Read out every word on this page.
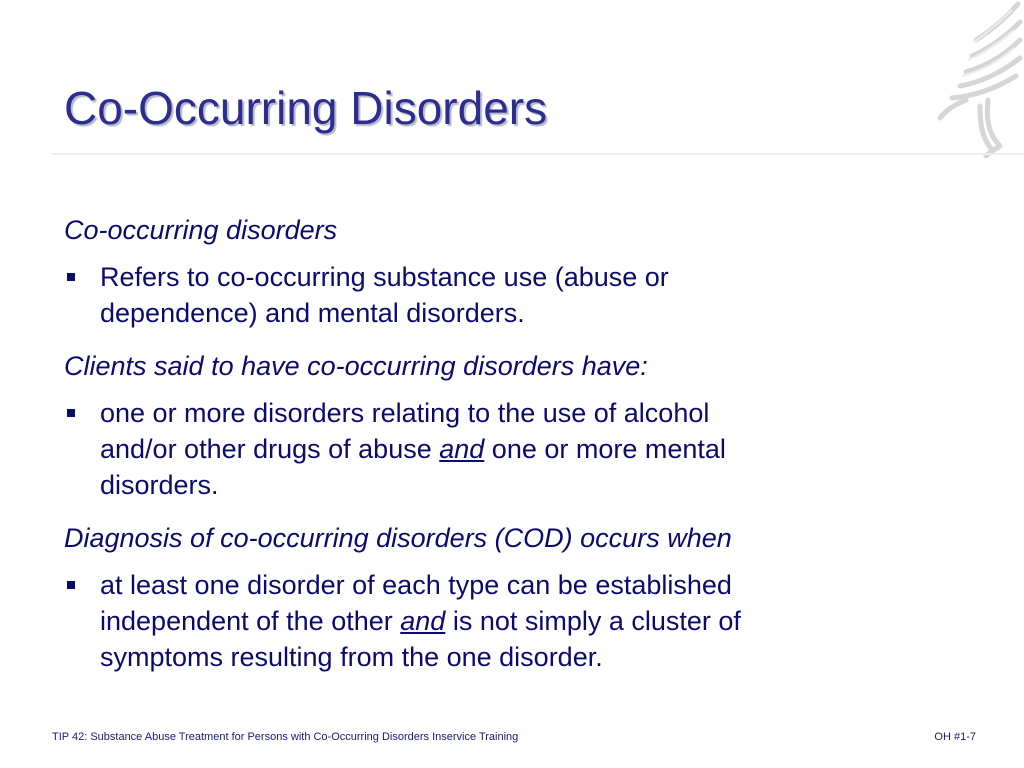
Co-Occurring Disorders
Co-occurring disorders
Refers to co-occurring substance use (abuse or
dependence) and mental disorders.
Clients said to have co-occurring disorders have:
one or more disorders relating to the use of alcohol
and/or other drugs of abuse and one or more mental
disorders.
Diagnosis of co-occurring disorders (COD) occurs when
at least one disorder of each type can be established
independent of the other and is not simply a cluster of
symptoms resulting from the one disorder.
TIP 42: Substance Abuse Treatment for Persons with Co-Occurring Disorders Inservice Training	OH #1-7
